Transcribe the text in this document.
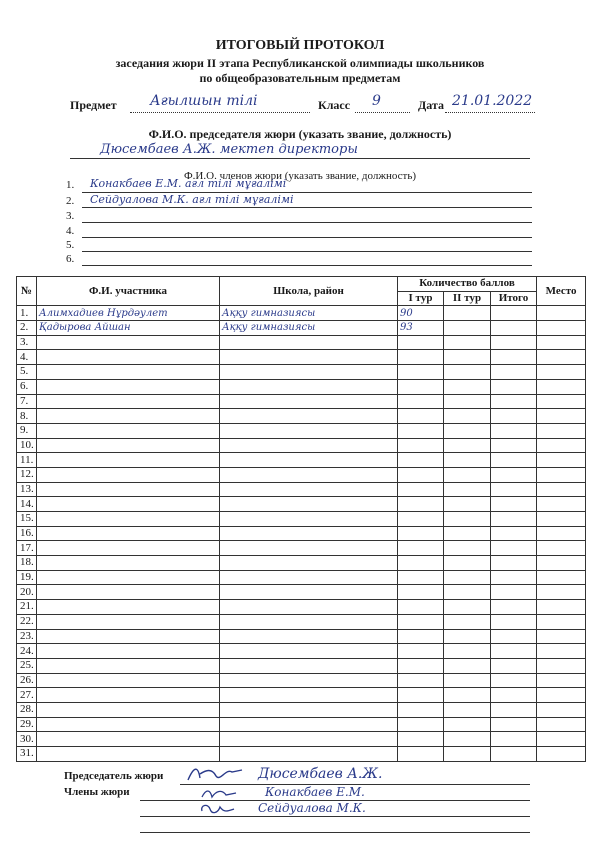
ИТОГОВЫЙ ПРОТОКОЛ
заседания жюри II этапа Республиканской олимпиады школьников
по общеобразовательным предметам
Предмет Ағылшын тілі	Класс 9	Дата 21.01.2022
Ф.И.О. председателя жюри (указать звание, должность)
Дюсембаев А.Ж. мектеп директоры
Ф.И.О. членов жюри (указать звание, должность)
1.	Конакбаев Е.М. ағл тілі мұғалімі
2.	Сейдуалова М.К. ағл тілі мұғалімі
3.
4.
5.
6.
№	Ф.И. участника	Школа, район	Количество баллов			Место
			I тур	II тур	Итого	
1.	Алимхадиев Нұрдәулет	Аққу гимназиясы	90			
2.	Қадырова Айшан	Аққу гимназиясы	93			
3.						
4.						
5.						
6.						
7.						
8.						
9.						
10.						
11.						
12.						
13.						
14.						
15.						
16.						
17.						
18.						
19.						
20.						
21.						
22.						
23.						
24.						
25.						
26.						
27.						
28.						
29.						
30.						
31.						
Председатель жюри	Дюсембаев А.Ж.
Члены жюри	Конакбаев Е.М.
Сейдуалова М.К.
